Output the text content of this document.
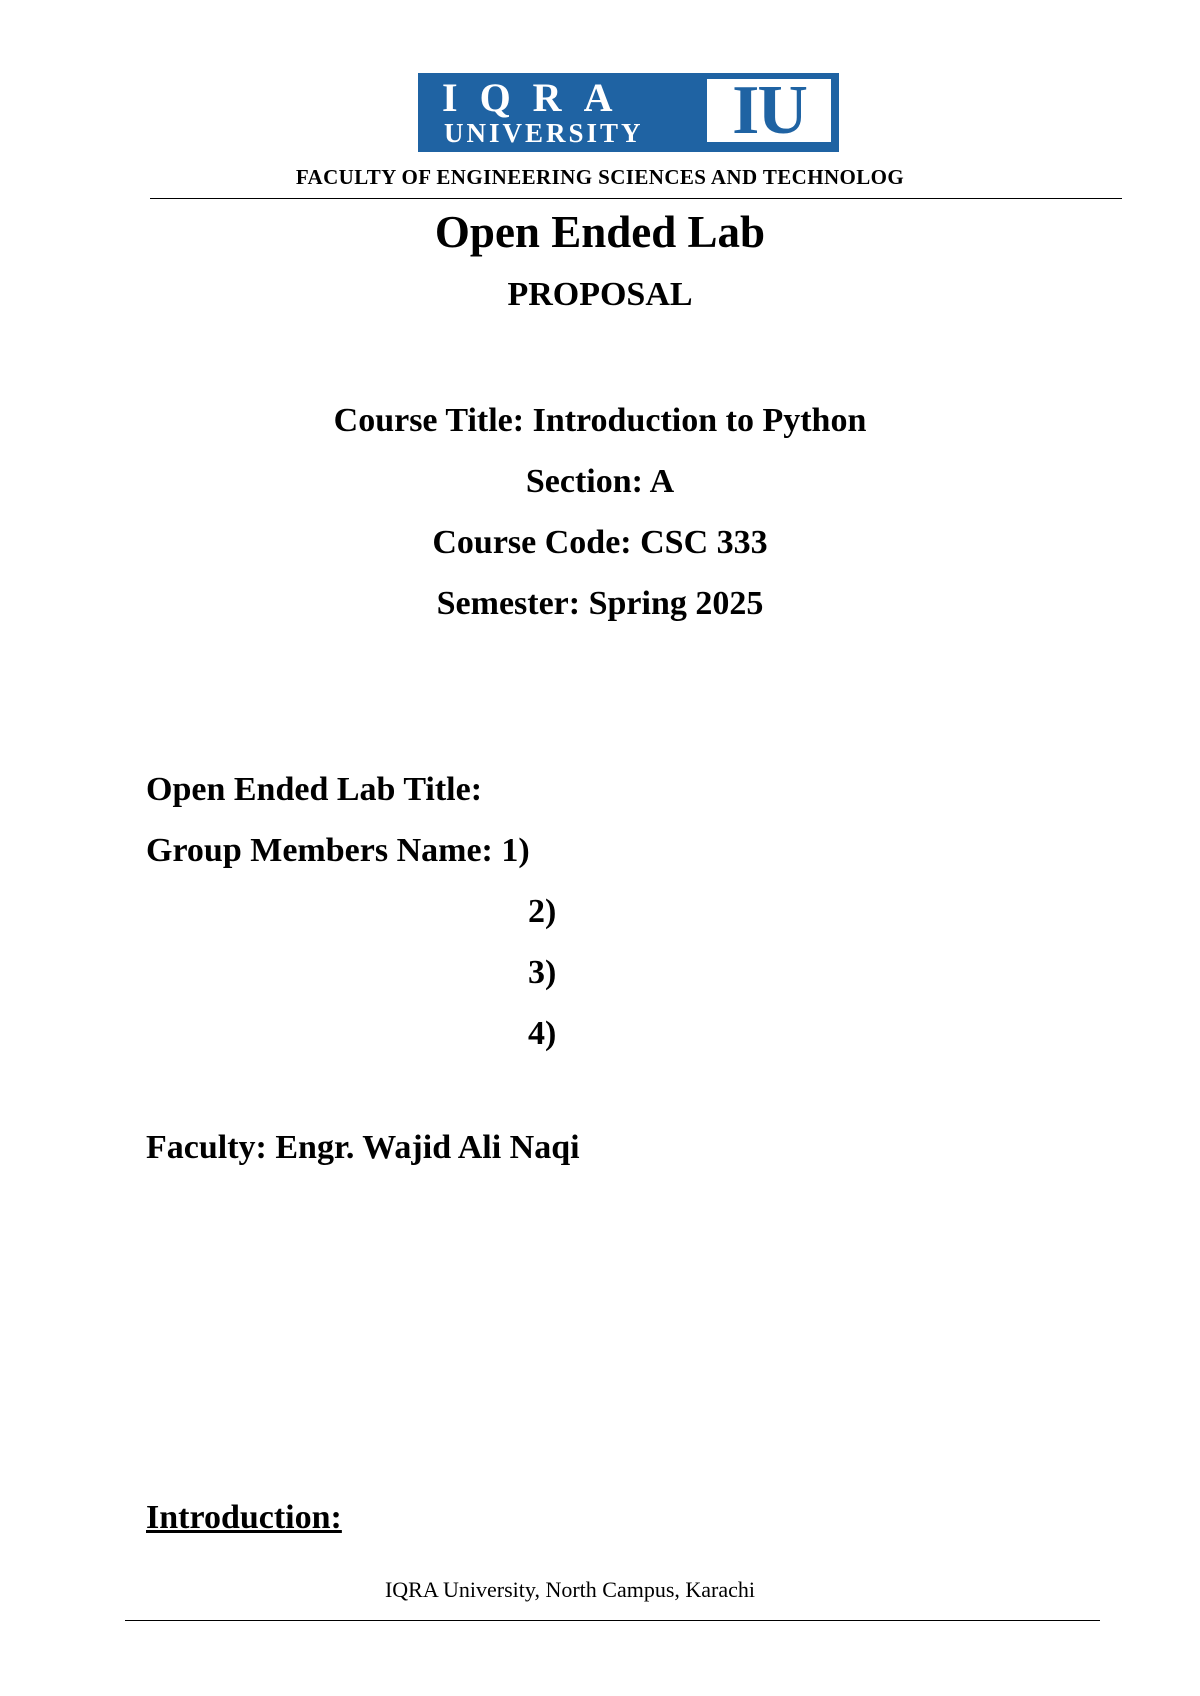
IQRA
UNIVERSITY	IU
FACULTY OF ENGINEERING SCIENCES AND TECHNOLOG
Open Ended Lab
PROPOSAL
Course Title: Introduction to Python
Section: A
Course Code: CSC 333
Semester: Spring 2025
Open Ended Lab Title:
Group Members Name: 1)
2)
3)
4)
Faculty: Engr. Wajid Ali Naqi
Introduction:
IQRA University, North Campus, Karachi
